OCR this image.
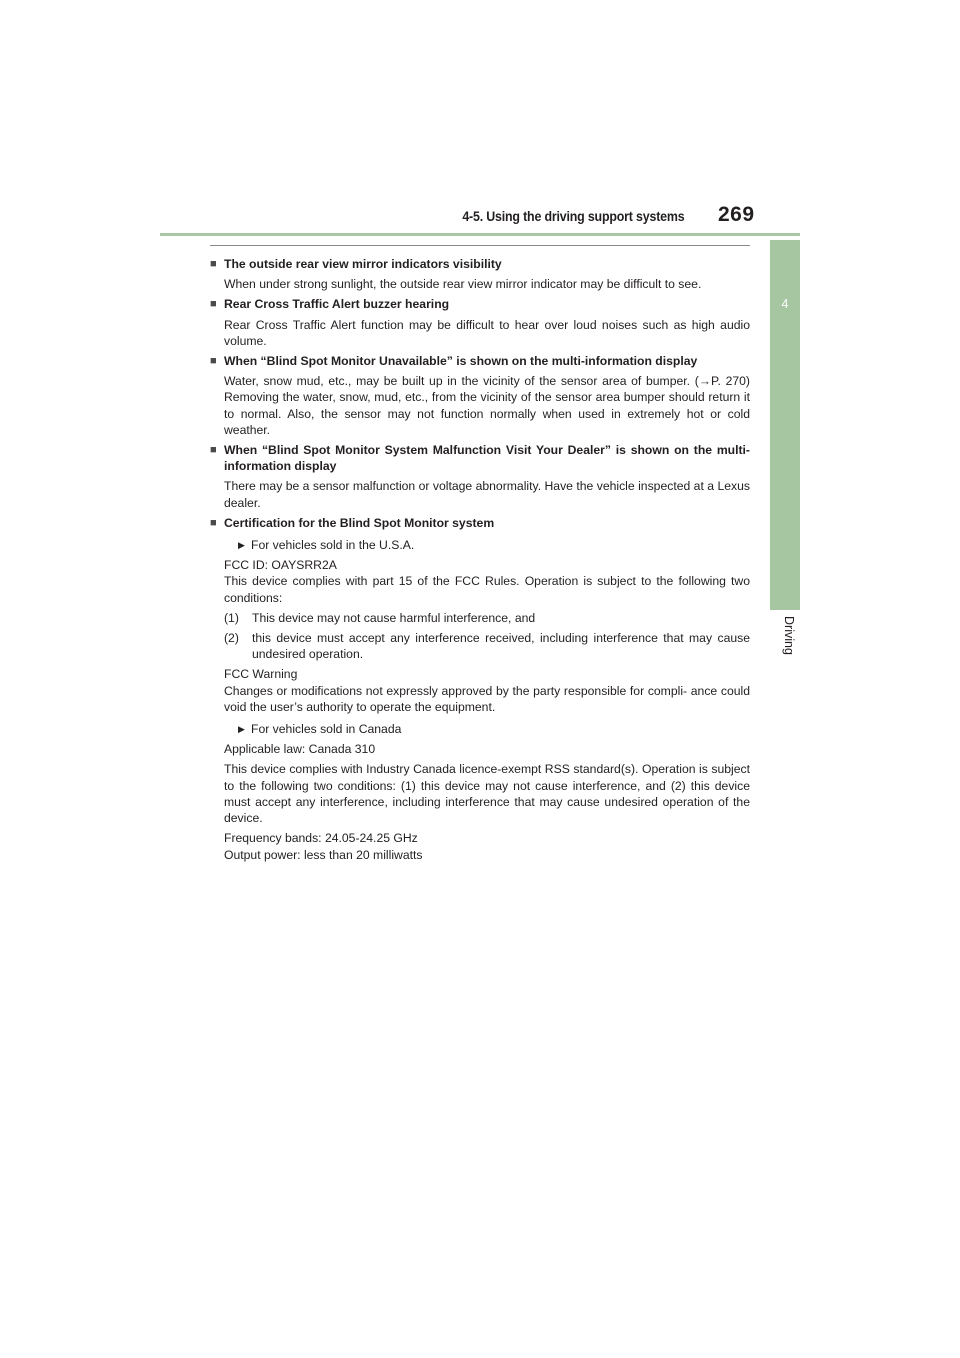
4-5. Using the driving support systems 269
4
Driving
■ The outside rear view mirror indicators visibility
When under strong sunlight, the outside rear view mirror indicator may be difficult to see.
■ Rear Cross Traffic Alert buzzer hearing
Rear Cross Traffic Alert function may be difficult to hear over loud noises such as high audio volume.
■ When “Blind Spot Monitor Unavailable” is shown on the multi-information display
Water, snow mud, etc., may be built up in the vicinity of the sensor area of bumper. (→P. 270) Removing the water, snow, mud, etc., from the vicinity of the sensor area bumper should return it to normal. Also, the sensor may not function normally when used in extremely hot or cold weather.
■ When “Blind Spot Monitor System Malfunction Visit Your Dealer” is shown on the multi-information display
There may be a sensor malfunction or voltage abnormality. Have the vehicle inspected at a Lexus dealer.
■ Certification for the Blind Spot Monitor system
▶ For vehicles sold in the U.S.A.
FCC ID: OAYSRR2A
This device complies with part 15 of the FCC Rules. Operation is subject to the following two conditions:
(1)	This device may not cause harmful interference, and
(2)	this device must accept any interference received, including interference that may cause undesired operation.
FCC Warning
Changes or modifications not expressly approved by the party responsible for compli- ance could void the user’s authority to operate the equipment.
▶ For vehicles sold in Canada
Applicable law: Canada 310
This device complies with Industry Canada licence-exempt RSS standard(s). Operation is subject to the following two conditions: (1) this device may not cause interference, and (2) this device must accept any interference, including interference that may cause undesired operation of the device.
Frequency bands: 24.05-24.25 GHz
Output power: less than 20 milliwatts
